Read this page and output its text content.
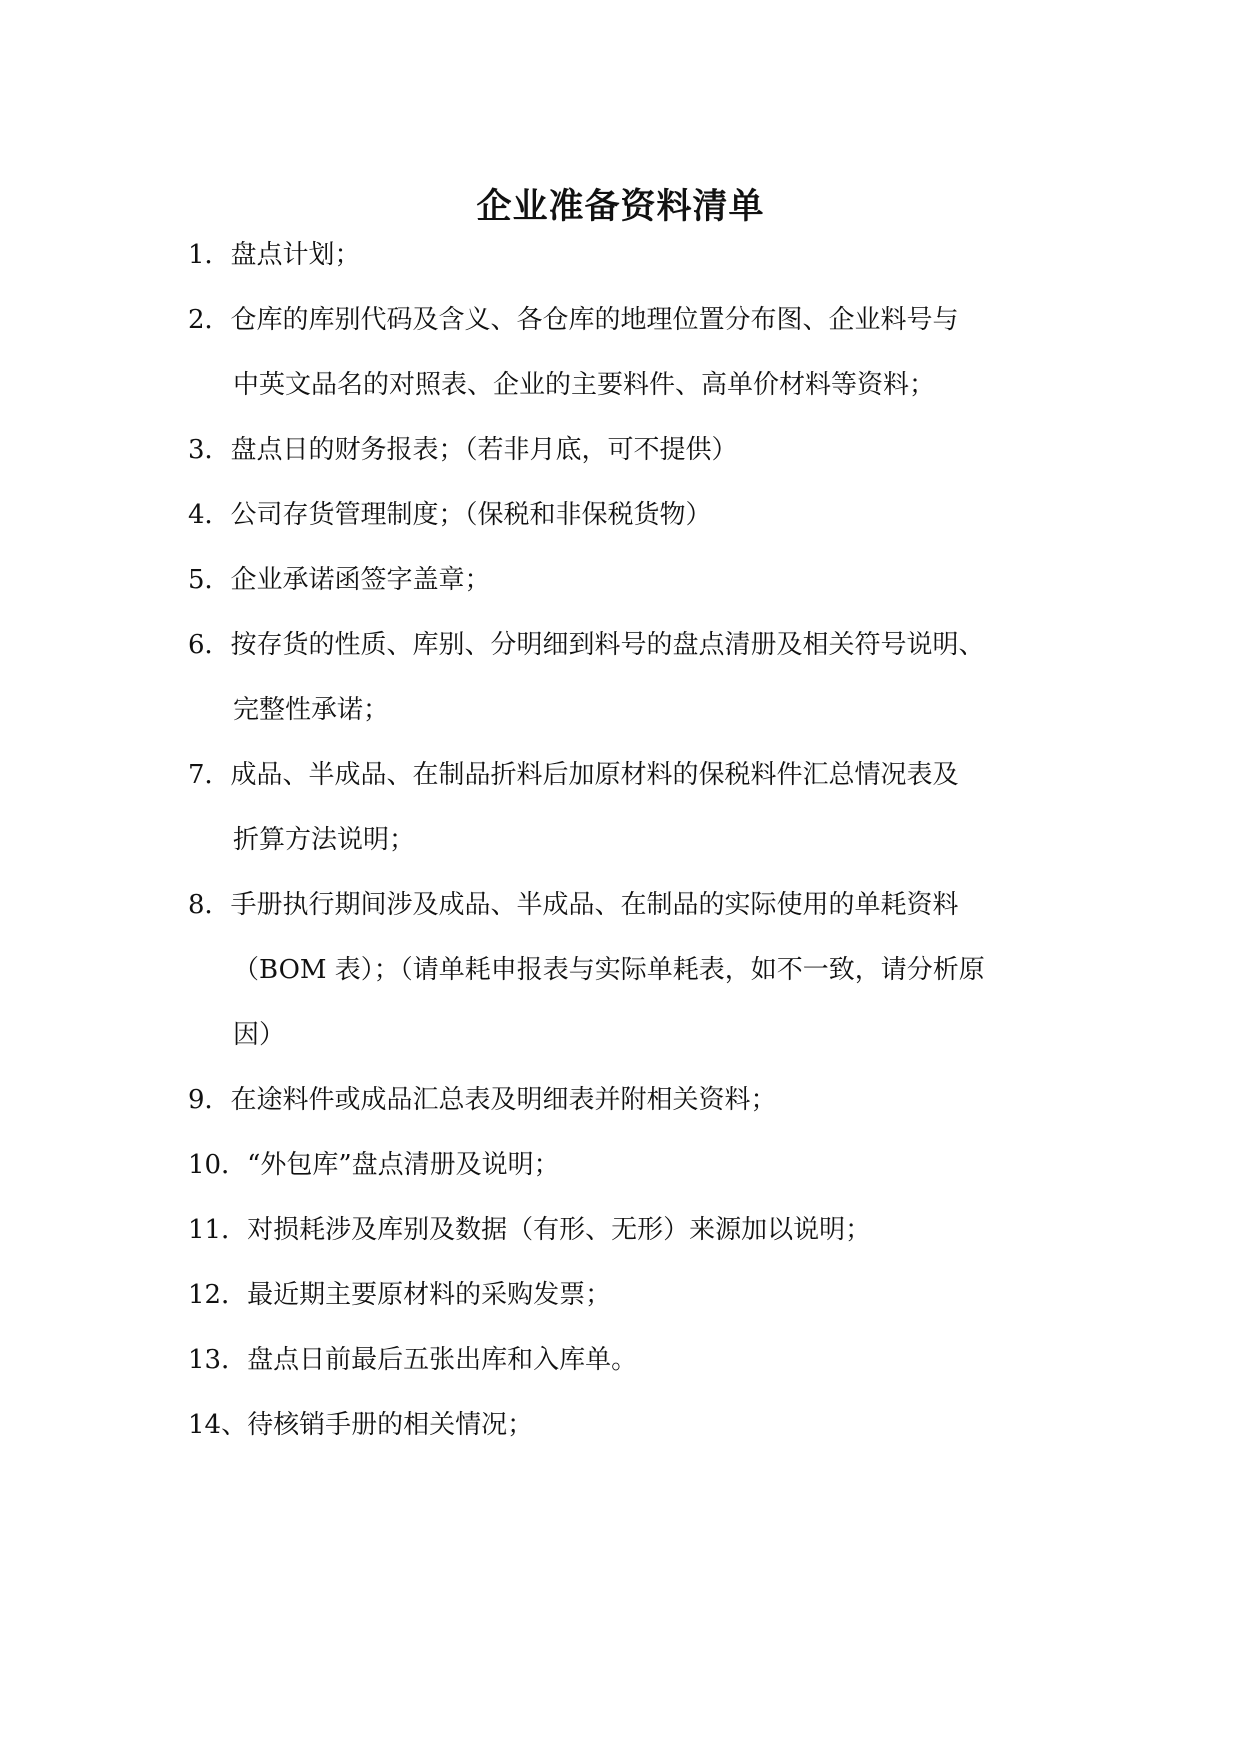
企业准备资料清单
1．盘点计划；
2．仓库的库别代码及含义、各仓库的地理位置分布图、企业料号与
中英文品名的对照表、企业的主要料件、高单价材料等资料；
3．盘点日的财务报表；（若非月底，可不提供）
4．公司存货管理制度；（保税和非保税货物）
5．企业承诺函签字盖章；
6．按存货的性质、库别、分明细到料号的盘点清册及相关符号说明、
完整性承诺；
7．成品、半成品、在制品折料后加原材料的保税料件汇总情况表及
折算方法说明；
8．手册执行期间涉及成品、半成品、在制品的实际使用的单耗资料
（BOM 表）；（请单耗申报表与实际单耗表，如不一致，请分析原
因）
9．在途料件或成品汇总表及明细表并附相关资料；
10．“外包库”盘点清册及说明；
11．对损耗涉及库别及数据（有形、无形）来源加以说明；
12．最近期主要原材料的采购发票；
13．盘点日前最后五张出库和入库单。
14、待核销手册的相关情况；
